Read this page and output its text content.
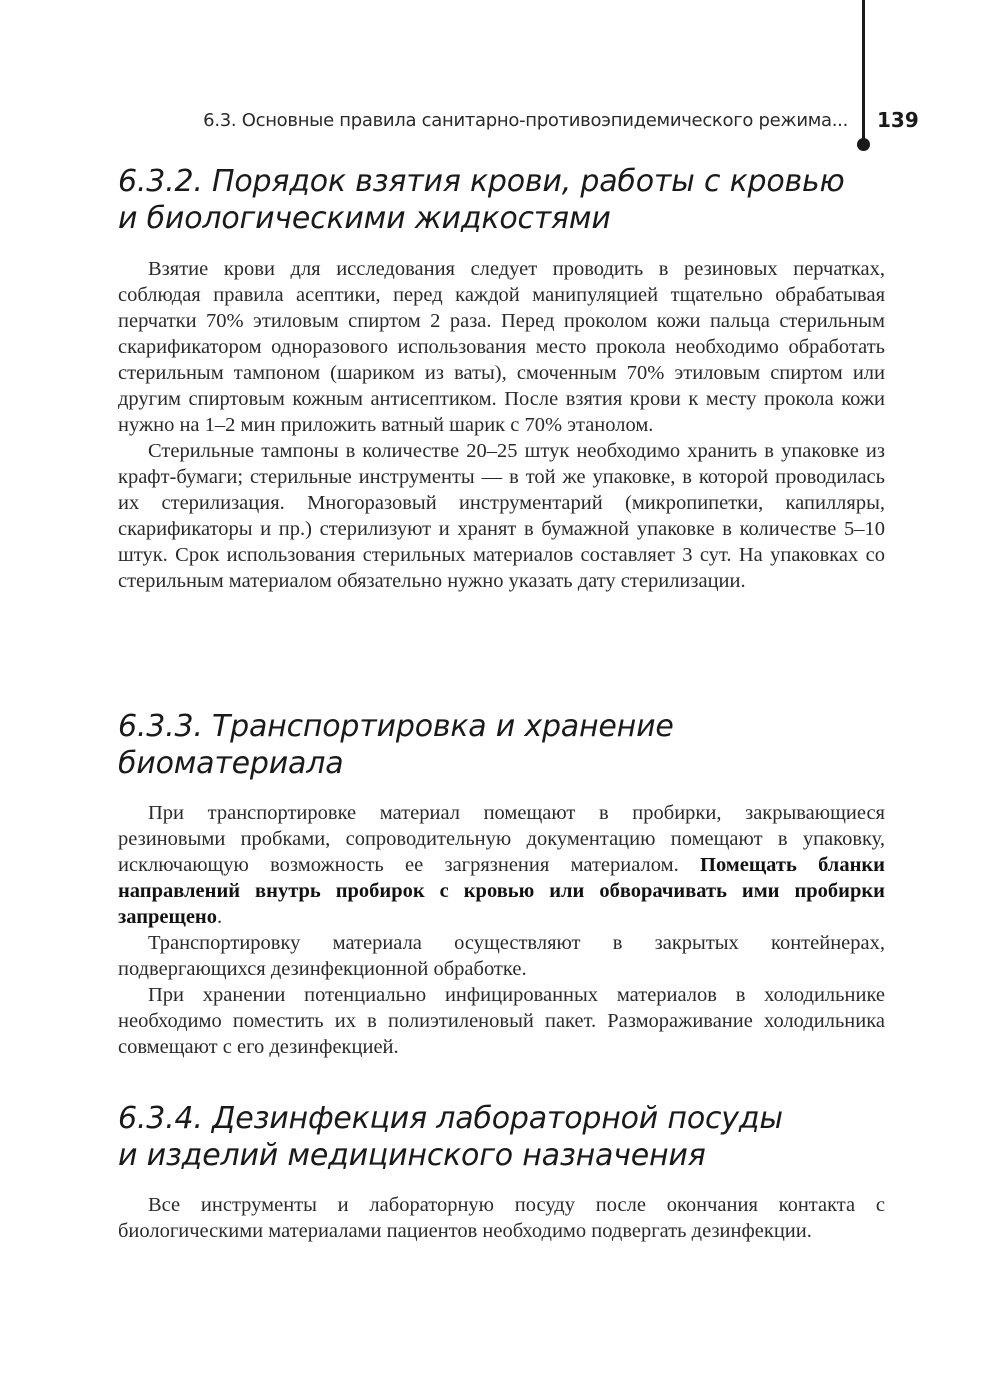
6.3. Основные правила санитарно-противоэпидемического режима... 139
6.3.2. Порядок взятия крови, работы с кровью
и биологическими жидкостями

Взятие крови для исследования следует проводить в резиновых перчатках, соблюдая правила асептики, перед каждой манипуляцией тщательно обрабатывая перчатки 70% этиловым спиртом 2 раза. Перед проколом кожи пальца стерильным скарификатором одноразового использования место прокола необходимо обработать стерильным тампоном (шариком из ваты), смоченным 70% этиловым спиртом или другим спиртовым кожным антисептиком. После взятия крови к месту прокола кожи нужно на 1–2 мин приложить ватный шарик с 70% этанолом.

Стерильные тампоны в количестве 20–25 штук необходимо хранить в упаковке из крафт-бумаги; стерильные инструменты — в той же упаковке, в которой проводилась их стерилизация. Многоразовый инструментарий (микропипетки, капилляры, скарификаторы и пр.) стерилизуют и хранят в бумажной упаковке в количестве 5–10 штук. Срок использования стерильных материалов составляет 3 сут. На упаковках со стерильным материалом обязательно нужно указать дату стерилизации.

6.3.3. Транспортировка и хранение
биоматериала

При транспортировке материал помещают в пробирки, закрывающиеся резиновыми пробками, сопроводительную документацию помещают в упаковку, исключающую возможность ее загрязнения материалом. Помещать бланки направлений внутрь пробирок с кровью или обворачивать ими пробирки запрещено.

Транспортировку материала осуществляют в закрытых контейнерах, подвергающихся дезинфекционной обработке.

При хранении потенциально инфицированных материалов в холодильнике необходимо поместить их в полиэтиленовый пакет. Размораживание холодильника совмещают с его дезинфекцией.

6.3.4. Дезинфекция лабораторной посуды
и изделий медицинского назначения

Все инструменты и лабораторную посуду после окончания контакта с биологическими материалами пациентов необходимо подвергать дезинфекции.
